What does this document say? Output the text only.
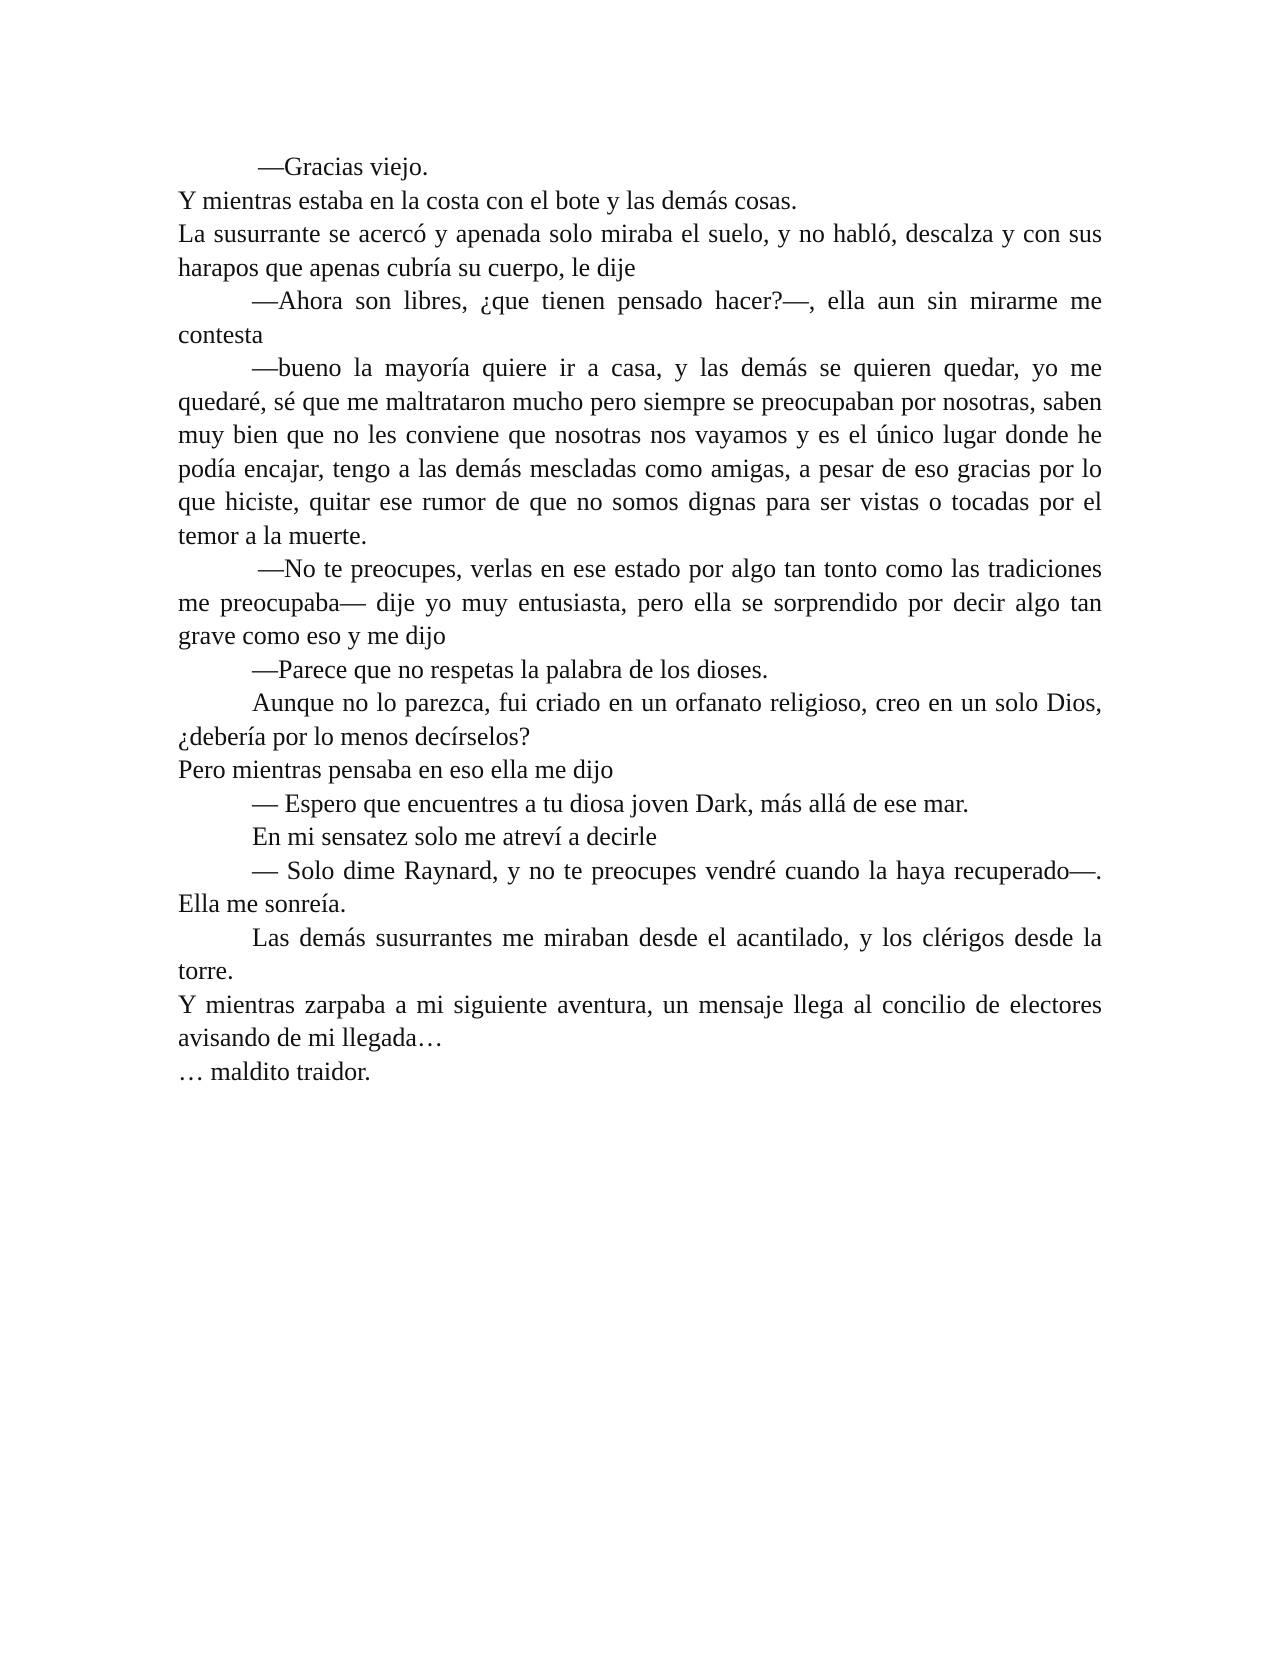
—Gracias viejo.

Y mientras estaba en la costa con el bote y las demás cosas.

La susurrante se acercó y apenada solo miraba el suelo, y no habló, descalza y con sus harapos que apenas cubría su cuerpo, le dije

—Ahora son libres, ¿que tienen pensado hacer?—, ella aun sin mirarme me contesta

—bueno la mayoría quiere ir a casa, y las demás se quieren quedar, yo me quedaré, sé que me maltrataron mucho pero siempre se preocupaban por nosotras, saben muy bien que no les conviene que nosotras nos vayamos y es el único lugar donde he podía encajar, tengo a las demás mescladas como amigas, a pesar de eso gracias por lo que hiciste, quitar ese rumor de que no somos dignas para ser vistas o tocadas por el temor a la muerte.

—No te preocupes, verlas en ese estado por algo tan tonto como las tradiciones me preocupaba— dije yo muy entusiasta, pero ella se sorprendido por decir algo tan grave como eso y me dijo

—Parece que no respetas la palabra de los dioses.

Aunque no lo parezca, fui criado en un orfanato religioso, creo en un solo Dios, ¿debería por lo menos decírselos?

Pero mientras pensaba en eso ella me dijo

— Espero que encuentres a tu diosa joven Dark, más allá de ese mar.

En mi sensatez solo me atreví a decirle

— Solo dime Raynard, y no te preocupes vendré cuando la haya recuperado—. Ella me sonreía.

Las demás susurrantes me miraban desde el acantilado, y los clérigos desde la torre.

Y mientras zarpaba a mi siguiente aventura, un mensaje llega al concilio de electores avisando de mi llegada…

… maldito traidor.
